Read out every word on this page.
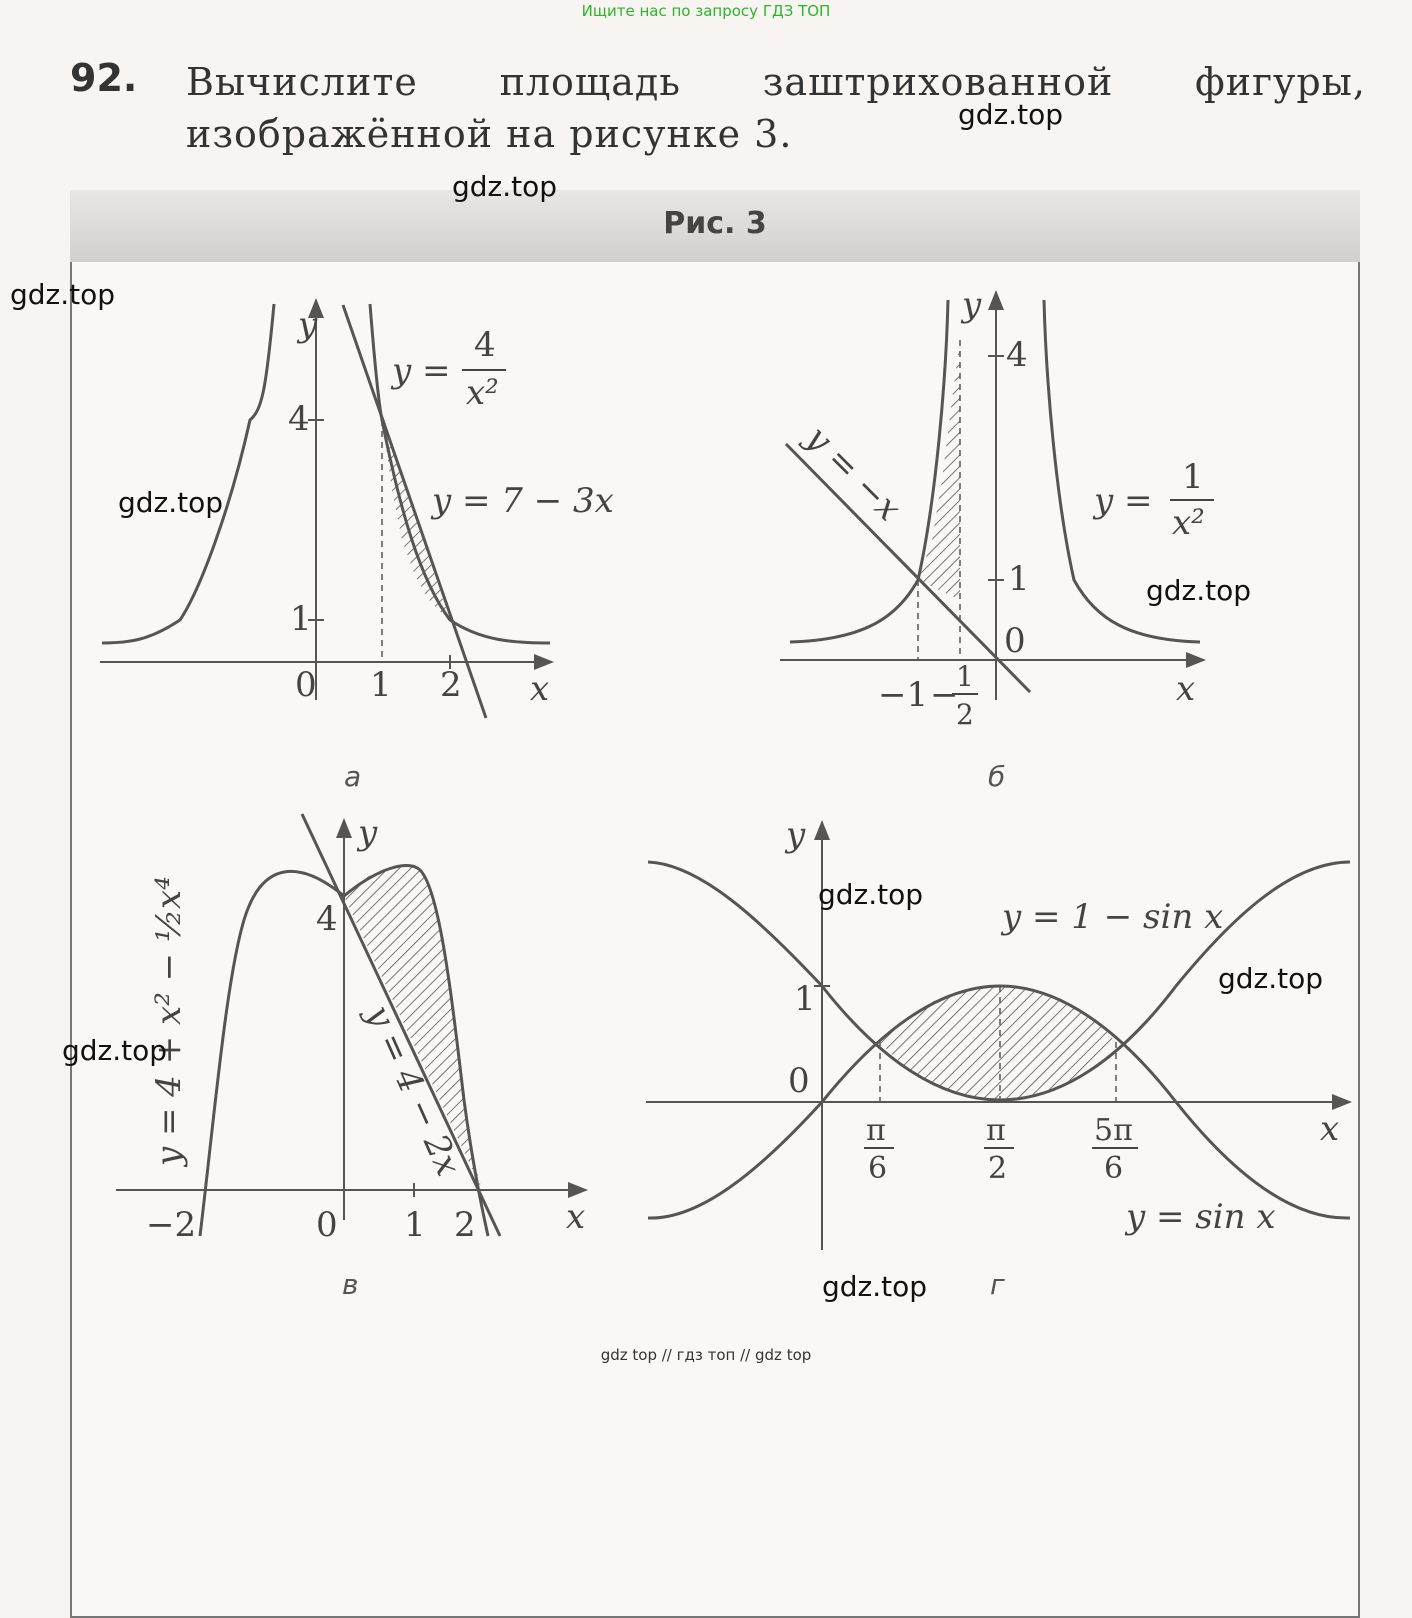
Ищите нас по запросу ГДЗ ТОП
92. Вычислите площадь заштрихованной фигуры, изображённой на рисунке 3.
Рис. 3
y
x
4
1
0 1 2
y =
4
x²
y = 7 − 3x
а
y
x
4
1
0
−1 −
1
2
y = −x	y =
1
x²
б
y
x
4
0
−2	1 2
y = 4 + x² − ½x⁴	y = 4 − 2x
в
y
x
1
0
π
6
π
2
5π
6
y = 1 − sin x
y = sin x
г
gdz.top
gdz.top
gdz.top
gdz.top
gdz.top
gdz.top
gdz.top
gdz.top
gdz.top
gdz top // гдз топ // gdz top
